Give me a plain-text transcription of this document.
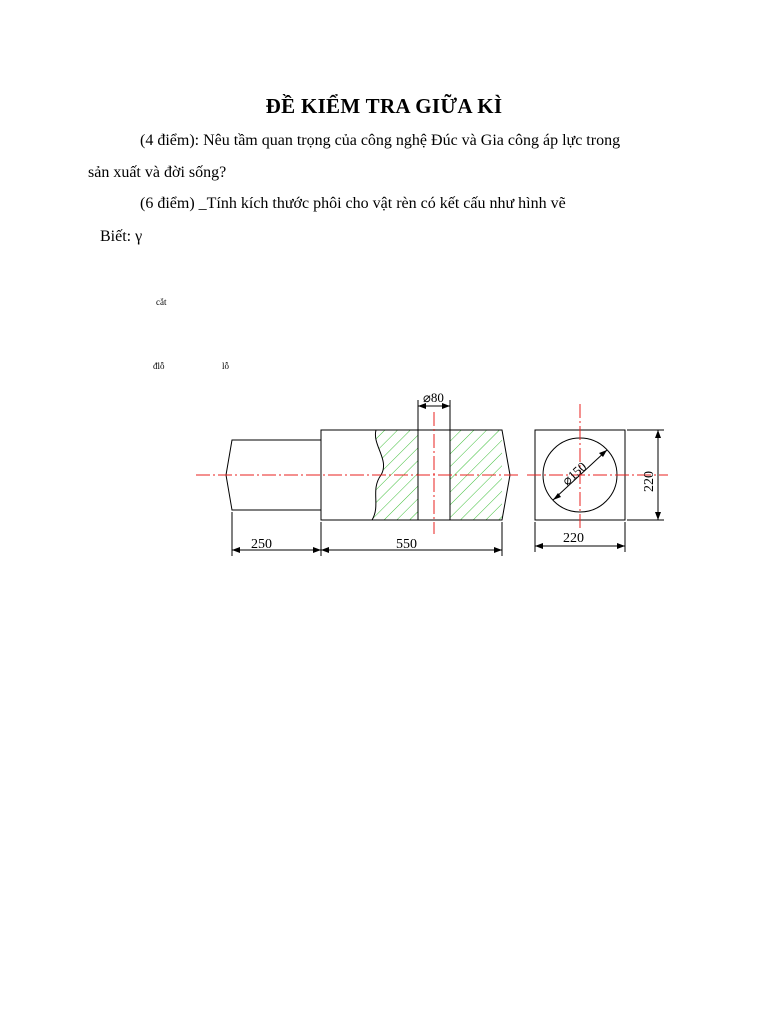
ĐỀ KIỂM TRA GIỮA KÌ
(4 điểm): Nêu tầm quan trọng của công nghệ Đúc và Gia công áp lực trong
sản xuất và đời sống?
(6 điểm) _Tính kích thước phôi cho vật rèn có kết cấu như hình vẽ
Biết: γ
cắt
đlỗ	lỗ
⌀80
250	550	220
220
⌀150
